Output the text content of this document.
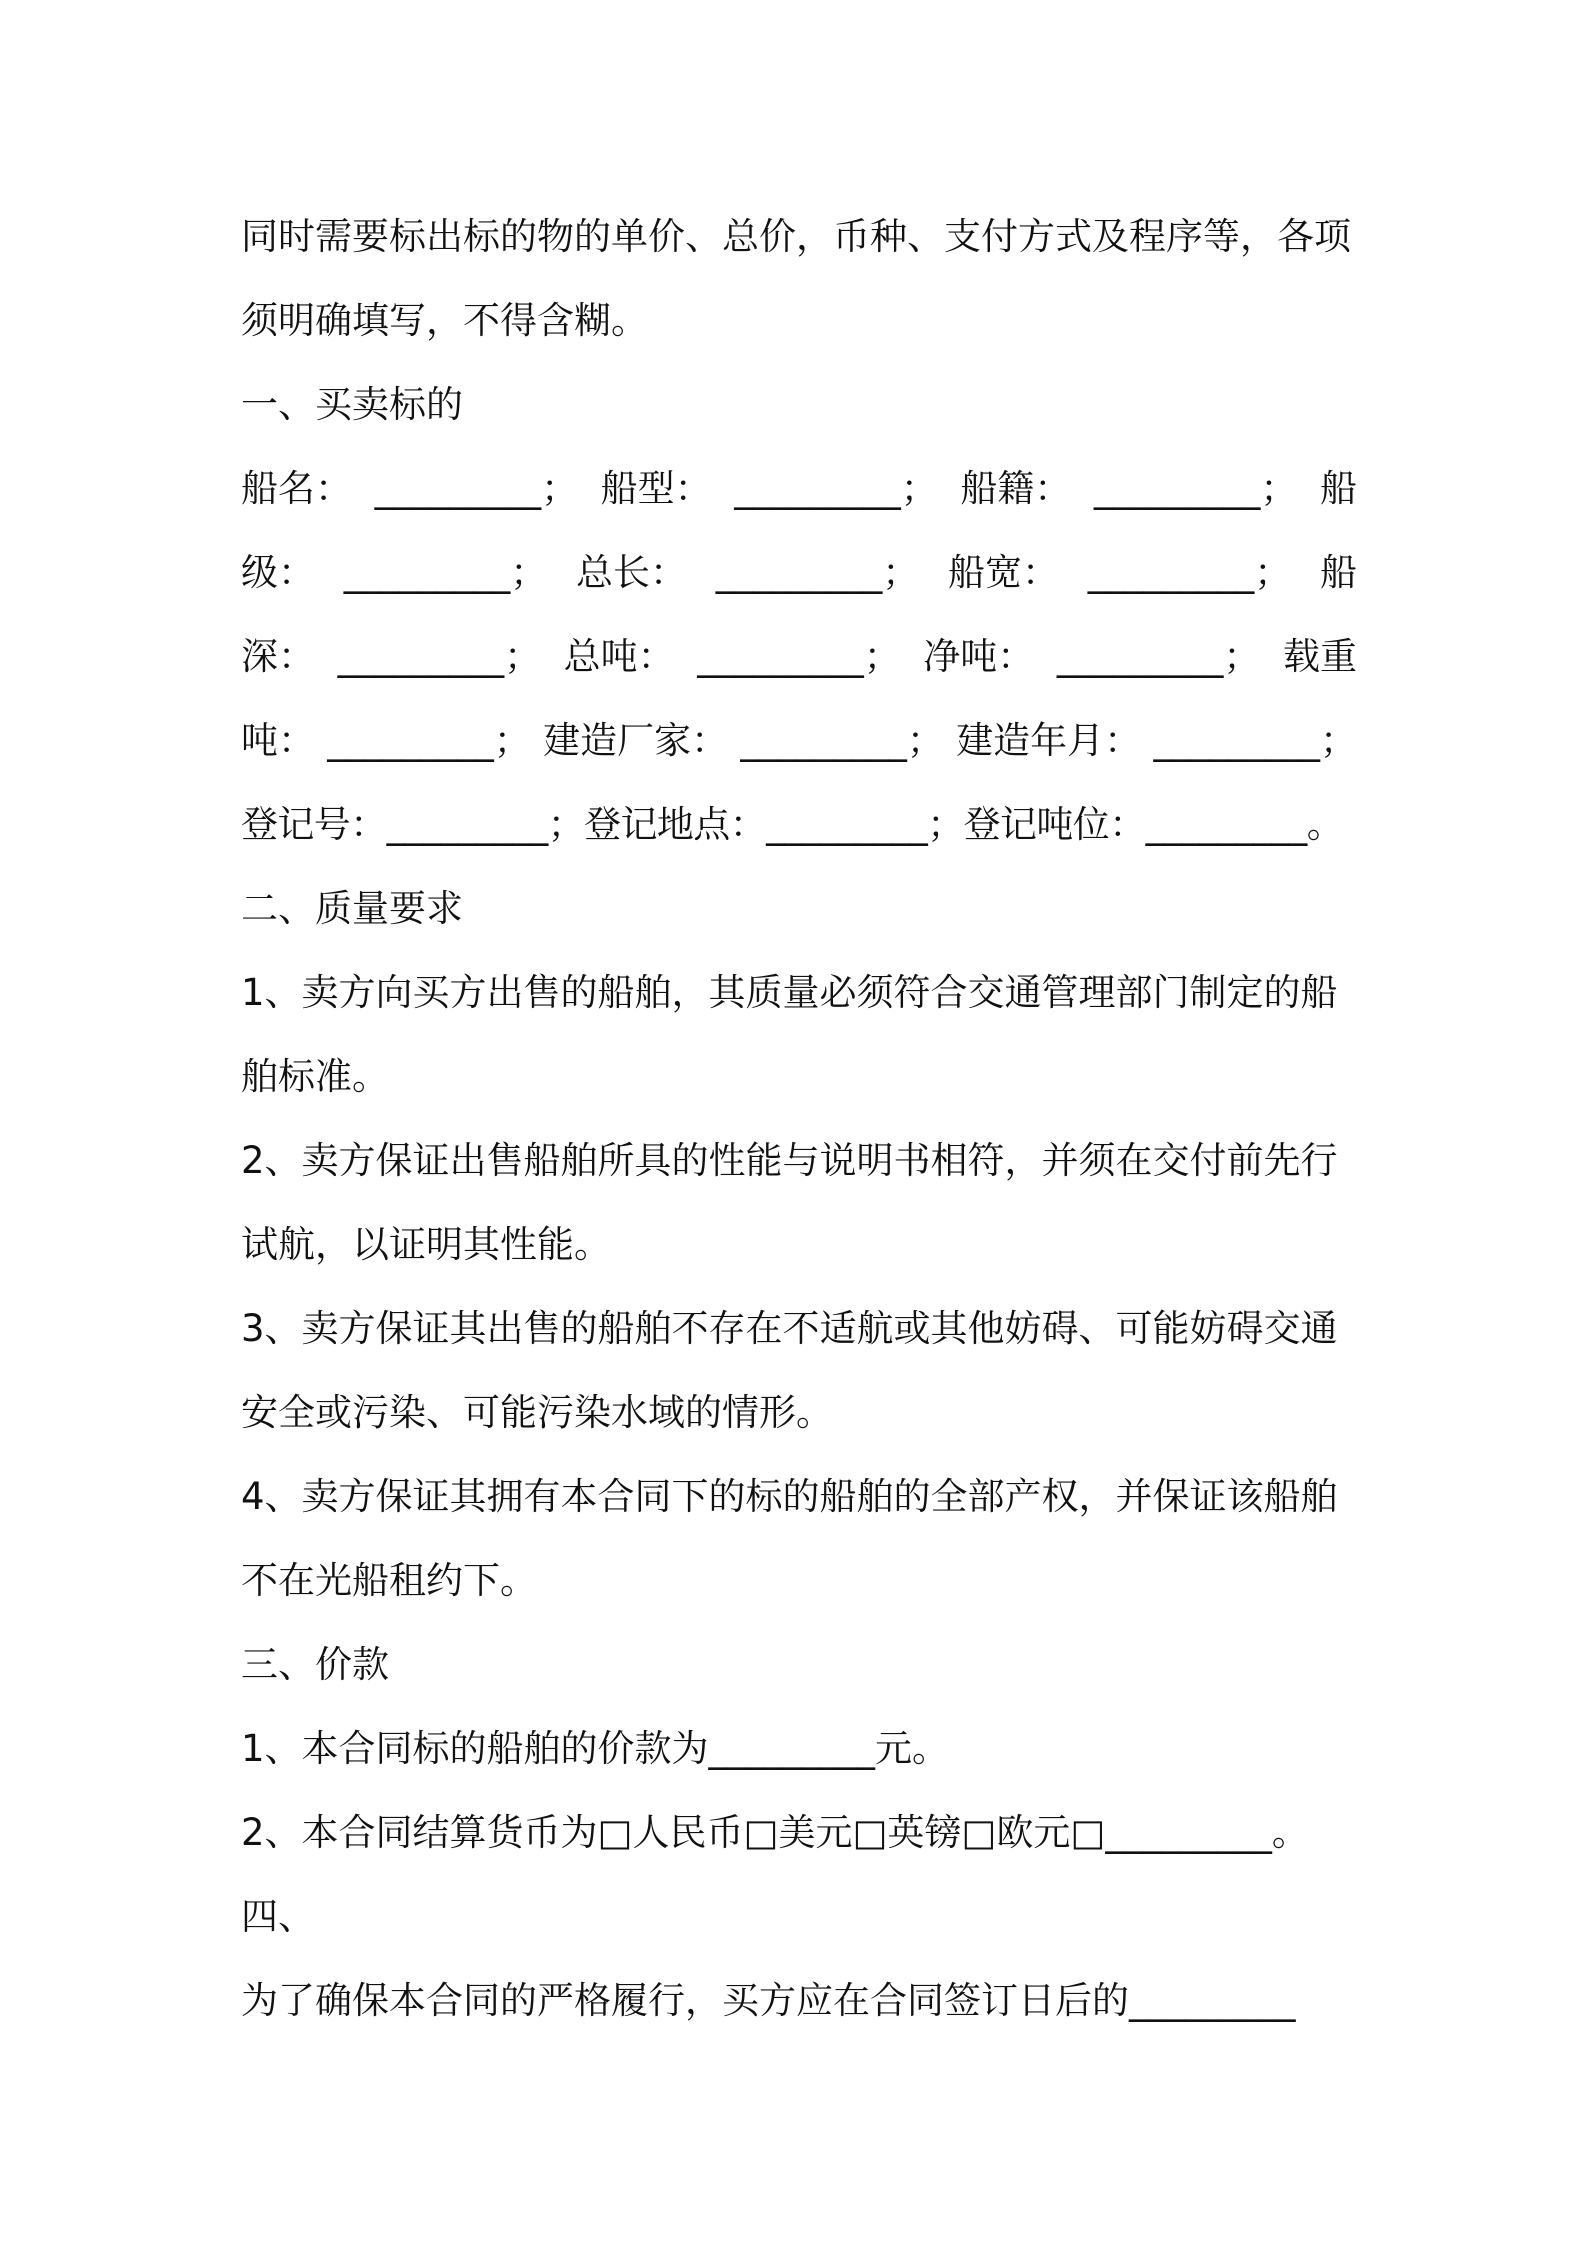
同时需要标出标的物的单价、总价，币种、支付方式及程序等，各项
须明确填写，不得含糊。
一、买卖标的
船名： _________； 船型： _________； 船籍： _________； 船
级： _________； 总长： _________； 船宽： _________； 船
深： _________； 总吨： _________； 净吨： _________； 载重
吨： _________； 建造厂家： _________； 建造年月： _________；
登记号：_________；登记地点：_________；登记吨位：_________。
二、质量要求
1、卖方向买方出售的船舶，其质量必须符合交通管理部门制定的船
舶标准。
2、卖方保证出售船舶所具的性能与说明书相符，并须在交付前先行
试航，以证明其性能。
3、卖方保证其出售的船舶不存在不适航或其他妨碍、可能妨碍交通
安全或污染、可能污染水域的情形。
4、卖方保证其拥有本合同下的标的船舶的全部产权，并保证该船舶
不在光船租约下。
三、价款
1、本合同标的船舶的价款为_________元。
2、本合同结算货币为□人民币□美元□英镑□欧元□_________。
四、
为了确保本合同的严格履行，买方应在合同签订日后的_________
